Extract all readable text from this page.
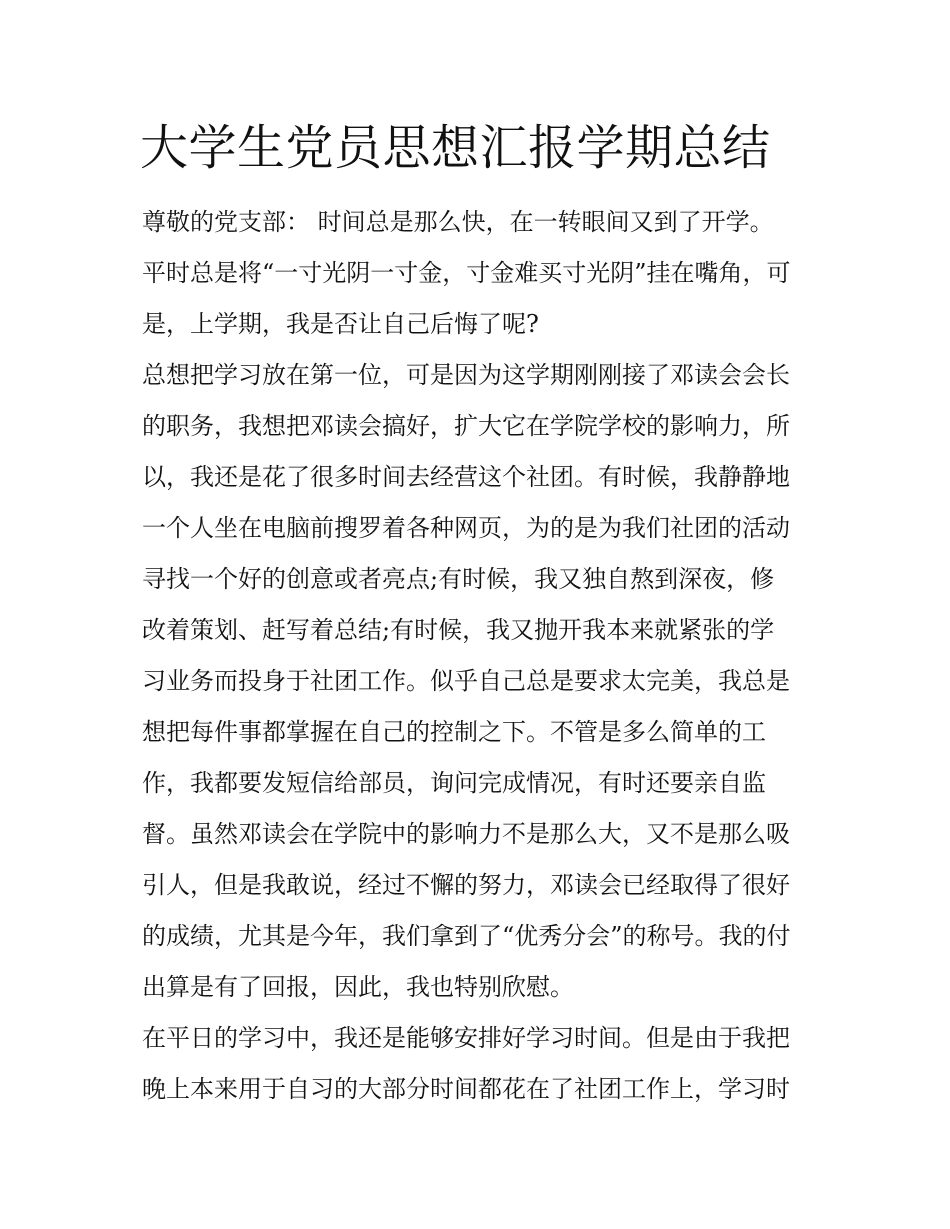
大学生党员思想汇报学期总结
尊敬的党支部： 时间总是那么快，在一转眼间又到了开学。
平时总是将“一寸光阴一寸金，寸金难买寸光阴”挂在嘴角，可
是，上学期，我是否让自己后悔了呢?
总想把学习放在第一位，可是因为这学期刚刚接了邓读会会长
的职务，我想把邓读会搞好，扩大它在学院学校的影响力，所
以，我还是花了很多时间去经营这个社团。有时候，我静静地
一个人坐在电脑前搜罗着各种网页，为的是为我们社团的活动
寻找一个好的创意或者亮点;有时候，我又独自熬到深夜，修
改着策划、赶写着总结;有时候，我又抛开我本来就紧张的学
习业务而投身于社团工作。似乎自己总是要求太完美，我总是
想把每件事都掌握在自己的控制之下。不管是多么简单的工
作，我都要发短信给部员，询问完成情况，有时还要亲自监
督。虽然邓读会在学院中的影响力不是那么大，又不是那么吸
引人，但是我敢说，经过不懈的努力，邓读会已经取得了很好
的成绩，尤其是今年，我们拿到了“优秀分会”的称号。我的付
出算是有了回报，因此，我也特别欣慰。
在平日的学习中，我还是能够安排好学习时间。但是由于我把
晚上本来用于自习的大部分时间都花在了社团工作上，学习时
